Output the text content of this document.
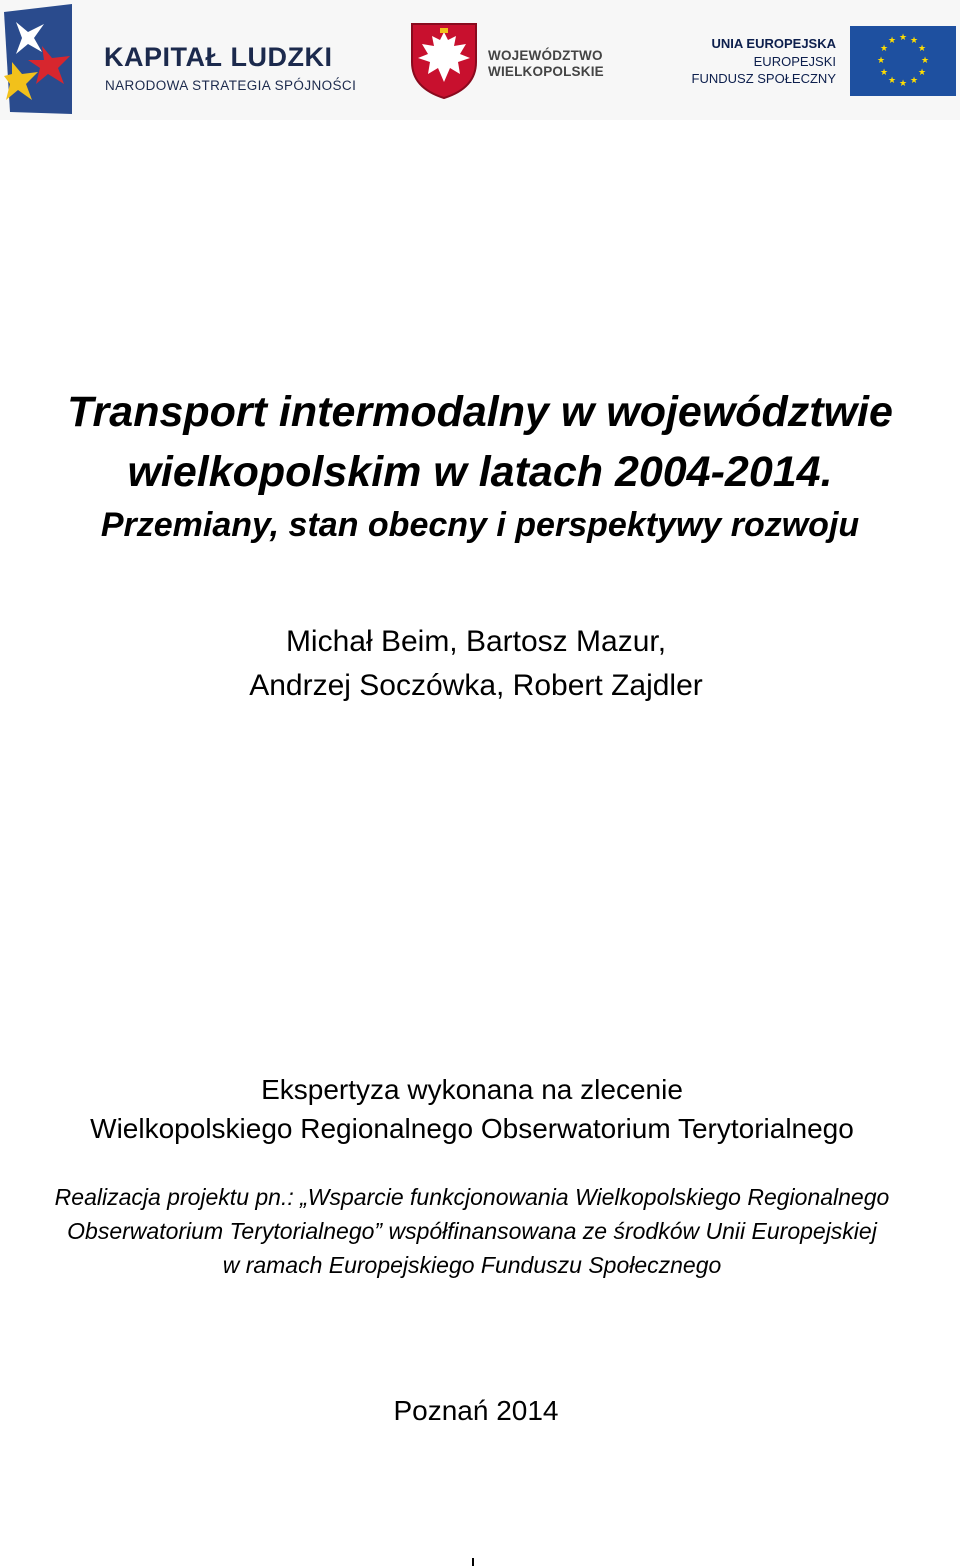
KAPITAŁ LUDZKI
NARODOWA STRATEGIA SPÓJNOŚCI
WOJEWÓDZTWO
WIELKOPOLSKIE
UNIA EUROPEJSKA
EUROPEJSKI
FUNDUSZ SPOŁECZNY
★ ★
★
★
★
★
★
★
★
★
★
★
Transport intermodalny w województwie
wielkopolskim w latach 2004-2014.
Przemiany, stan obecny i perspektywy rozwoju
Michał Beim, Bartosz Mazur,
Andrzej Soczówka, Robert Zajdler
Ekspertyza wykonana na zlecenie
Wielkopolskiego Regionalnego Obserwatorium Terytorialnego
Realizacja projektu pn.: „Wsparcie funkcjonowania Wielkopolskiego Regionalnego
Obserwatorium Terytorialnego” współfinansowana ze środków Unii Europejskiej
w ramach Europejskiego Funduszu Społecznego
Poznań 2014
